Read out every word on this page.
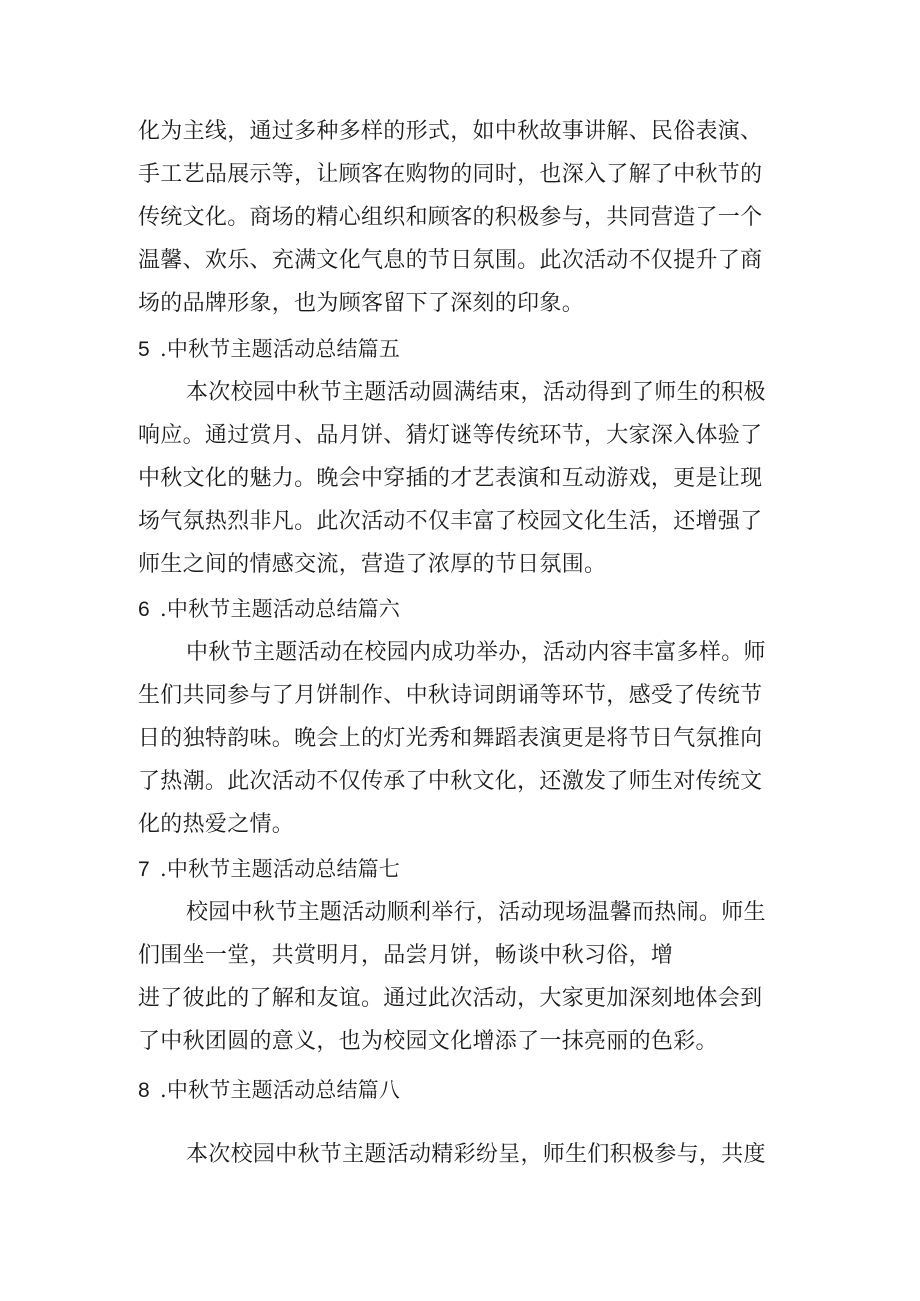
化为主线，通过多种多样的形式，如中秋故事讲解、民俗表演、
手工艺品展示等，让顾客在购物的同时，也深入了解了中秋节的
传统文化。商场的精心组织和顾客的积极参与，共同营造了一个
温馨、欢乐、充满文化气息的节日氛围。此次活动不仅提升了商
场的品牌形象，也为顾客留下了深刻的印象。
5 .中秋节主题活动总结篇五
本次校园中秋节主题活动圆满结束，活动得到了师生的积极
响应。通过赏月、品月饼、猜灯谜等传统环节，大家深入体验了
中秋文化的魅力。晚会中穿插的才艺表演和互动游戏，更是让现
场气氛热烈非凡。此次活动不仅丰富了校园文化生活，还增强了
师生之间的情感交流，营造了浓厚的节日氛围。
6 .中秋节主题活动总结篇六
中秋节主题活动在校园内成功举办，活动内容丰富多样。师
生们共同参与了月饼制作、中秋诗词朗诵等环节，感受了传统节
日的独特韵味。晚会上的灯光秀和舞蹈表演更是将节日气氛推向
了热潮。此次活动不仅传承了中秋文化，还激发了师生对传统文
化的热爱之情。
7 .中秋节主题活动总结篇七
校园中秋节主题活动顺利举行，活动现场温馨而热闹。师生
们围坐一堂，共赏明月，品尝月饼，畅谈中秋习俗，增
进了彼此的了解和友谊。通过此次活动，大家更加深刻地体会到
了中秋团圆的意义，也为校园文化增添了一抹亮丽的色彩。
8 .中秋节主题活动总结篇八
本次校园中秋节主题活动精彩纷呈，师生们积极参与，共度
